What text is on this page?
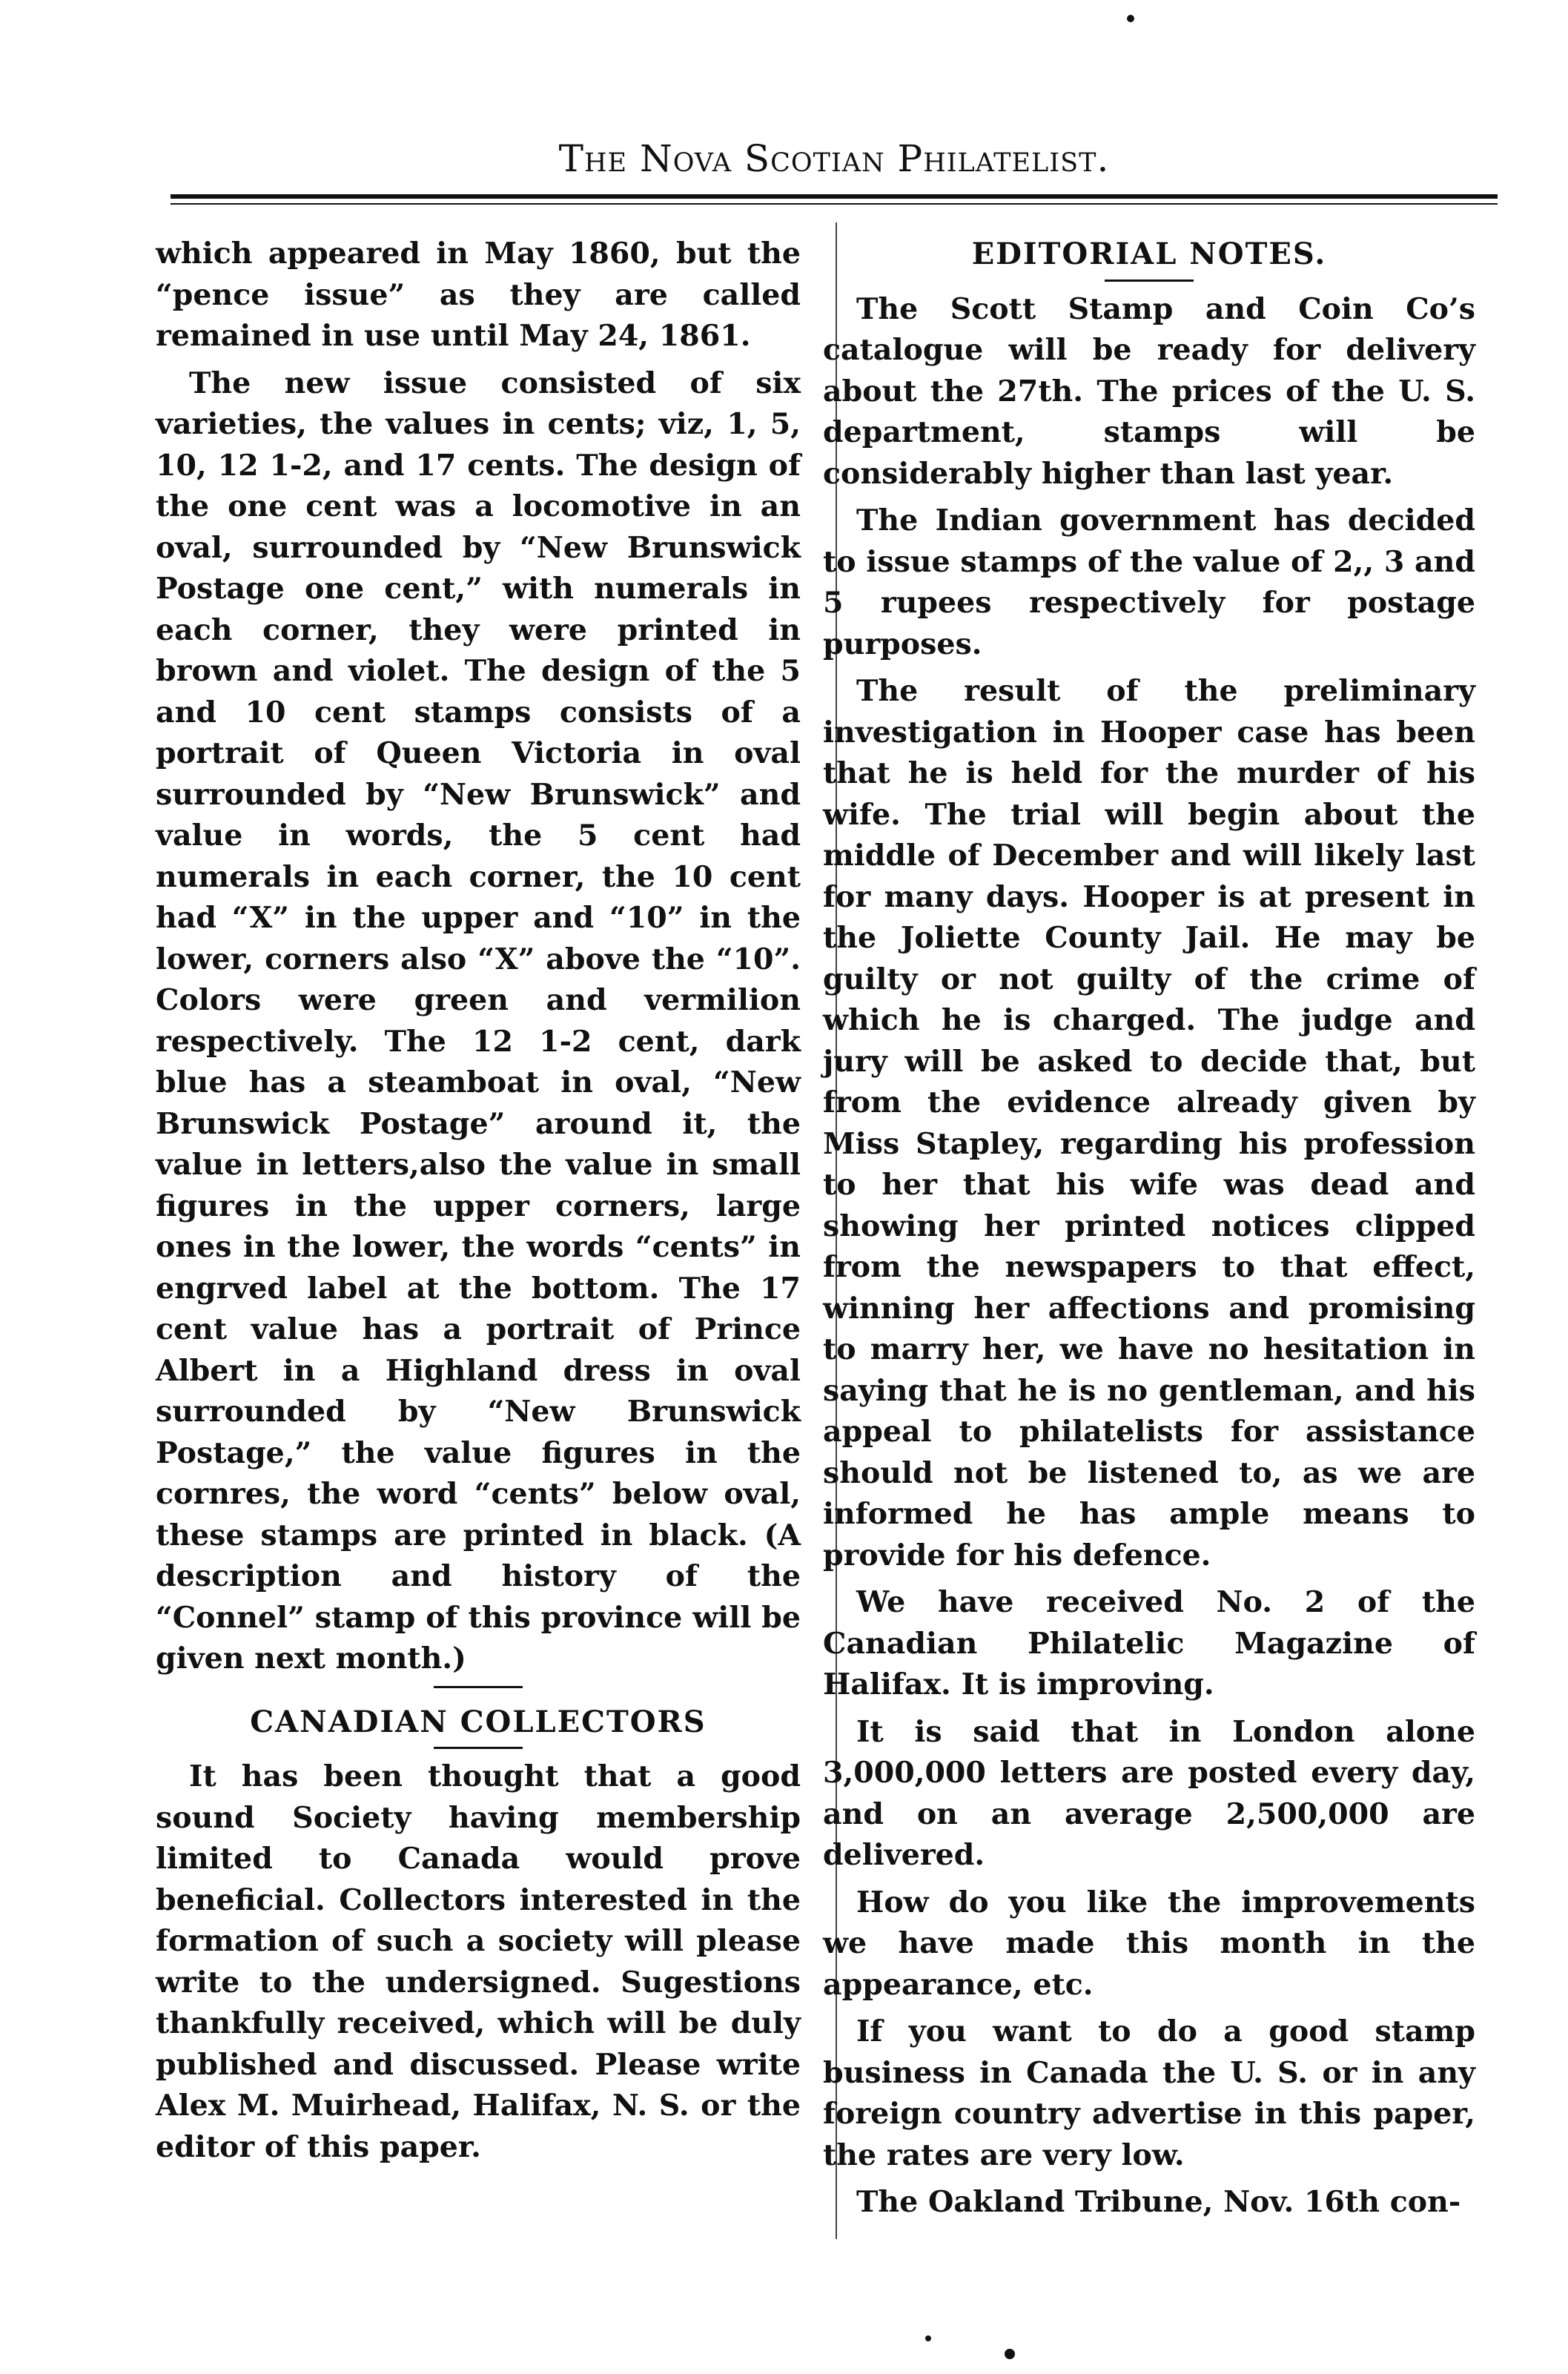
The Nova Scotian Philatelist.

which appeared in May 1860, but the “pence issue” as they are called remained in use until May 24, 1861.

The new issue consisted of six varieties, the values in cents; viz, 1, 5, 10, 12 1-2, and 17 cents. The design of the one cent was a locomotive in an oval, surrounded by “New Brunswick Postage one cent,” with numerals in each corner, they were printed in brown and violet. The design of the 5 and 10 cent stamps consists of a portrait of Queen Victoria in oval surrounded by “New Brunswick” and value in words, the 5 cent had numerals in each corner, the 10 cent had “X” in the upper and “10” in the lower, corners also “X” above the “10”. Colors were green and vermilion respectively. The 12 1-2 cent, dark blue has a steamboat in oval, “New Brunswick Postage” around it, the value in letters,also the value in small figures in the upper corners, large ones in the lower, the words “cents” in engrved label at the bottom. The 17 cent value has a portrait of Prince Albert in a Highland dress in oval surrounded by “New Brunswick Postage,” the value figures in the cornres, the word “cents” below oval, these stamps are printed in black. (A description and history of the “Connel” stamp of this province will be given next month.)

CANADIAN COLLECTORS

It has been thought that a good sound Society having membership limited to Canada would prove beneficial. Collectors interested in the formation of such a society will please write to the undersigned. Sugestions thankfully received, which will be duly published and discussed. Please write Alex M. Muirhead, Halifax, N. S. or the editor of this paper.

EDITORIAL NOTES.

The Scott Stamp and Coin Co’s catalogue will be ready for delivery about the 27th. The prices of the U. S. department, stamps will be considerably higher than last year.

The Indian government has decided to issue stamps of the value of 2,, 3 and 5 rupees respectively for postage purposes.

The result of the preliminary investigation in Hooper case has been that he is held for the murder of his wife. The trial will begin about the middle of December and will likely last for many days. Hooper is at present in the Joliette County Jail. He may be guilty or not guilty of the crime of which he is charged. The judge and jury will be asked to decide that, but from the evidence already given by Miss Stapley, regarding his profession to her that his wife was dead and showing her printed notices clipped from the newspapers to that effect, winning her affections and promising to marry her, we have no hesitation in saying that he is no gentleman, and his appeal to philatelists for assistance should not be listened to, as we are informed he has ample means to provide for his defence.

We have received No. 2 of the Canadian Philatelic Magazine of Halifax. It is improving.

It is said that in London alone 3,000,000 letters are posted every day, and on an average 2,500,000 are delivered.

How do you like the improvements we have made this month in the appearance, etc.

If you want to do a good stamp business in Canada the U. S. or in any foreign country advertise in this paper, the rates are very low.

The Oakland Tribune, Nov. 16th con-
